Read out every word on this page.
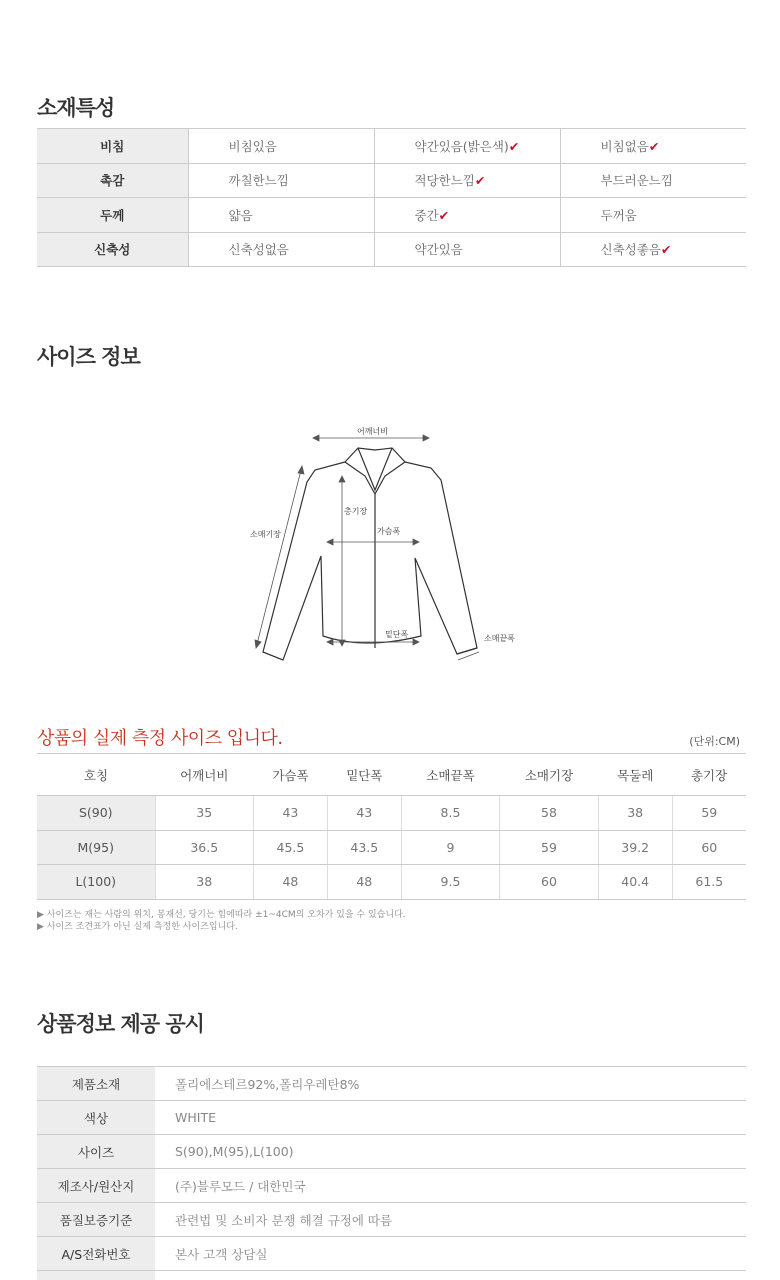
소재특성
비침	비침있음	약간있음(밝은색)✔	비침없음✔
촉감	까칠한느낌	적당한느낌✔	부드러운느낌
두께	얇음	중간✔	두꺼움
신축성	신축성없음	약간있음	신축성좋음✔
사이즈 정보
어깨너비
총기장
가슴폭
소매기장
밑단폭	소매끝폭
상품의 실제 측정 사이즈 입니다.	(단위:CM)
호칭	어깨너비	가슴폭	밑단폭	소매끝폭	소매기장	목둘레	총기장
S(90)	35	43	43	8.5	58	38	59
M(95)	36.5	45.5	43.5	9	59	39.2	60
L(100)	38	48	48	9.5	60	40.4	61.5
▶ 사이즈는 재는 사람의 위치, 봉재선, 당기는 힘에따라 ±1~4CM의 오차가 있을 수 있습니다.
▶ 사이즈 조견표가 아닌 실제 측정한 사이즈입니다.
상품정보 제공 공시
제품소재	폴리에스테르92%,폴리우레탄8%
색상	WHITE
사이즈	S(90),M(95),L(100)
제조사/원산지	(주)블루모드 / 대한민국
품질보증기준	관련법 및 소비자 분쟁 해결 규정에 따름
A/S전화번호	본사 고객 상담실
